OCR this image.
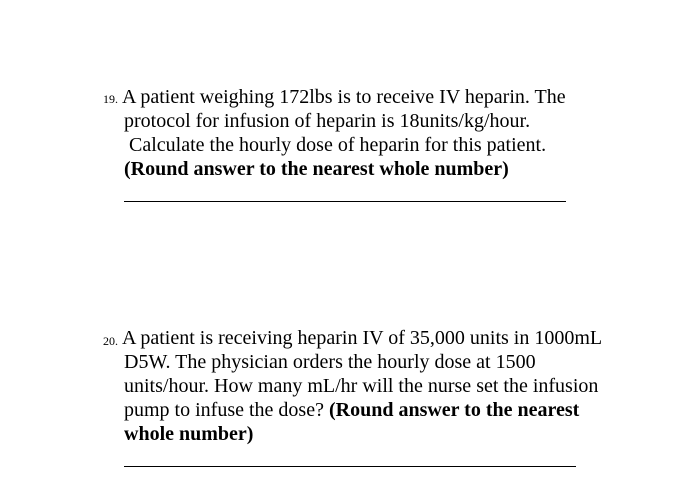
19. A patient weighing 172lbs is to receive IV heparin. The
protocol for infusion of heparin is 18units/kg/hour.
Calculate the hourly dose of heparin for this patient.
(Round answer to the nearest whole number)
20. A patient is receiving heparin IV of 35,000 units in 1000mL
D5W. The physician orders the hourly dose at 1500
units/hour. How many mL/hr will the nurse set the infusion
pump to infuse the dose? (Round answer to the nearest
whole number)
